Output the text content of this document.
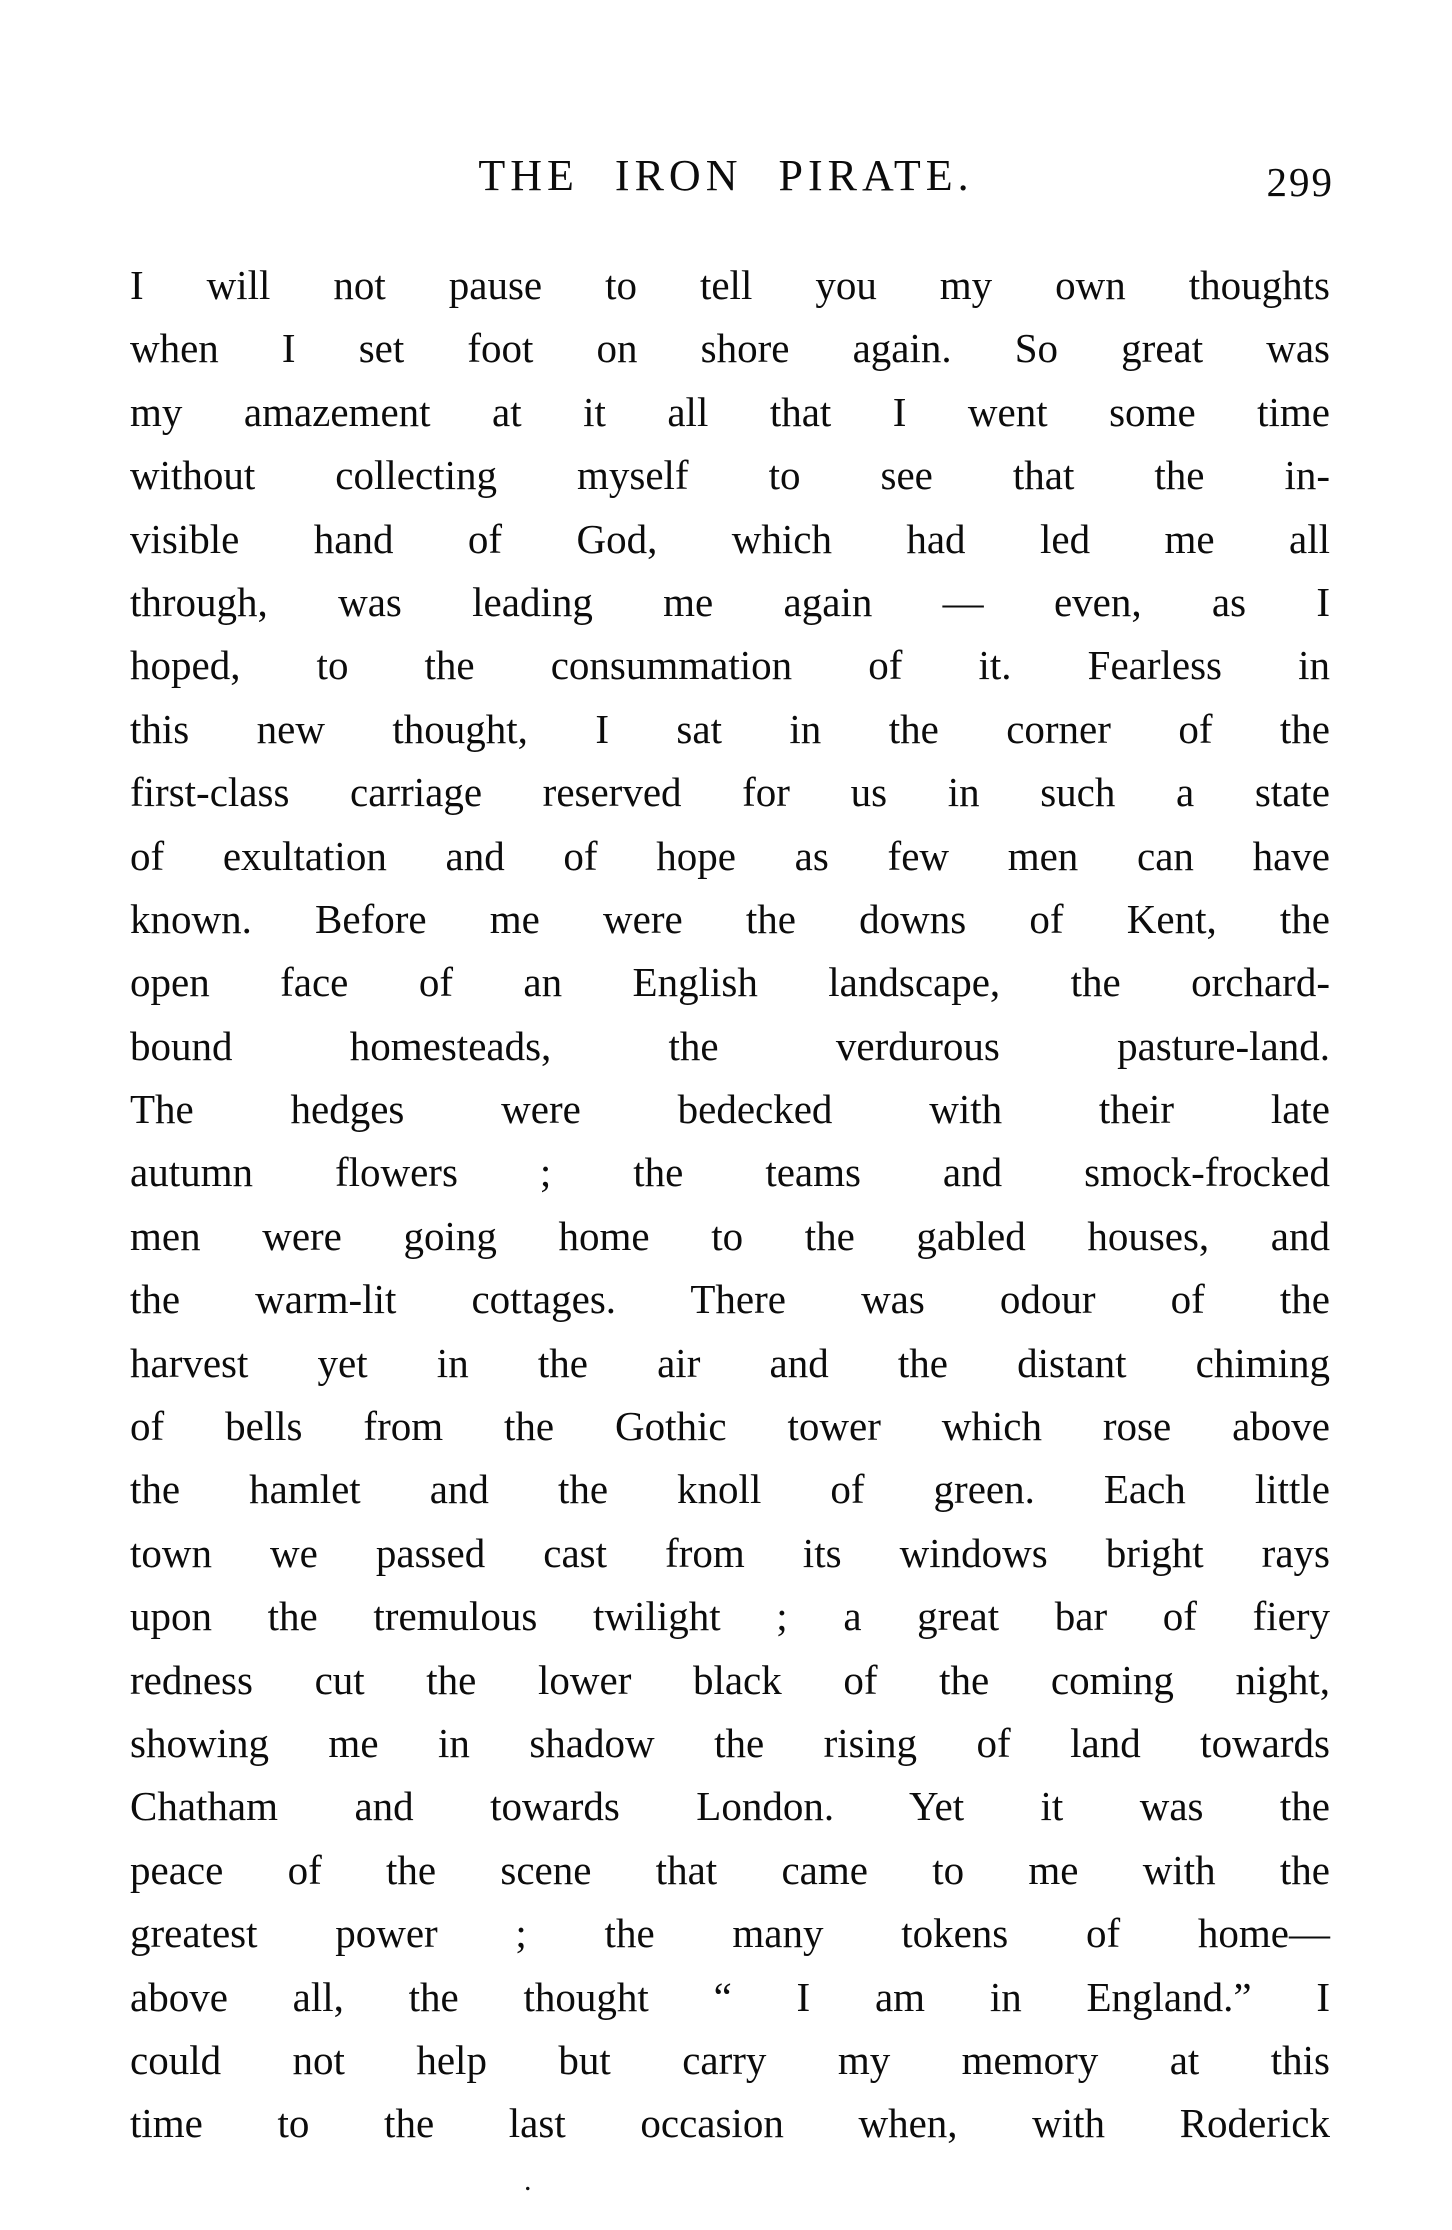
THE IRON PIRATE.	299
I will not pause to tell you my own thoughts
when I set foot on shore again. So great was
my amazement at it all that I went some time
without collecting myself to see that the in-
visible hand of God, which had led me all
through, was leading me again — even, as I
hoped, to the consummation of it. Fearless in
this new thought, I sat in the corner of the
first-class carriage reserved for us in such a state
of exultation and of hope as few men can have
known. Before me were the downs of Kent, the
open face of an English landscape, the orchard-
bound homesteads, the verdurous pasture-land.
The hedges were bedecked with their late
autumn flowers ; the teams and smock-frocked
men were going home to the gabled houses, and
the warm-lit cottages. There was odour of the
harvest yet in the air and the distant chiming
of bells from the Gothic tower which rose above
the hamlet and the knoll of green. Each little
town we passed cast from its windows bright rays
upon the tremulous twilight ; a great bar of fiery
redness cut the lower black of the coming night,
showing me in shadow the rising of land towards
Chatham and towards London. Yet it was the
peace of the scene that came to me with the
greatest power ; the many tokens of home—
above all, the thought “ I am in England.” I
could not help but carry my memory at this
time to the last occasion when, with Roderick
.
